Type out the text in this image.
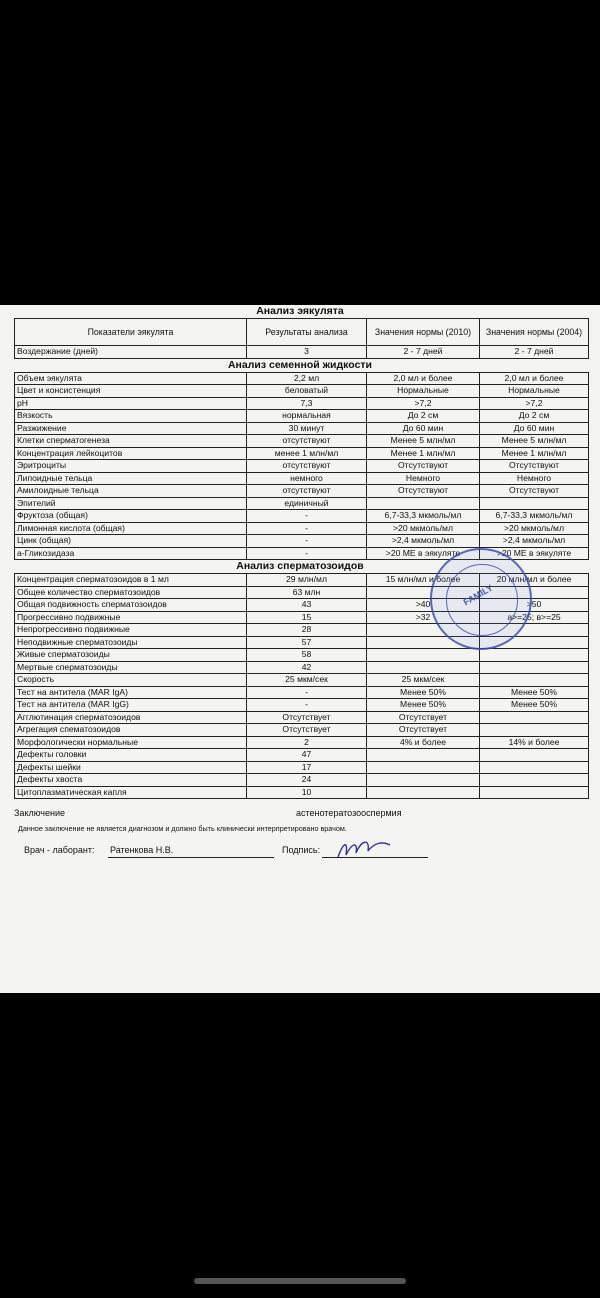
Анализ эякулята
Показатели эякулята	Результаты анализа	Значения нормы (2010)	Значения нормы (2004)
Воздержание (дней)	3	2 - 7 дней	2 - 7 дней
Анализ семенной жидкости
Объем эякулята	2,2 мл	2,0 мл и более	2,0 мл и более
Цвет и консистенция	беловатый	Нормальные	Нормальные
pH	7,3	>7,2	>7,2
Вязкость	нормальная	До 2 см	До 2 см
Разжижение	30 минут	До 60 мин	До 60 мин
Клетки сперматогенеза	отсутствуют	Менее 5 млн/мл	Менее 5 млн/мл
Концентрация лейкоцитов	менее 1 млн/мл	Менее 1 млн/мл	Менее 1 млн/мл
Эритроциты	отсутствуют	Отсутствуют	Отсутствуют
Липоидные тельца	немного	Немного	Немного
Амилоидные тельца	отсутствуют	Отсутствуют	Отсутствуют
Эпителий	единичный		
Фруктоза (общая)	-	6,7-33,3 мкмоль/мл	6,7-33,3 мкмоль/мл
Лимонная кислота (общая)	-	>20 мкмоль/мл	>20 мкмоль/мл
Цинк (общая)	-	>2,4 мкмоль/мл	>2,4 мкмоль/мл
а-Гликозидаза	-	>20 МЕ в эякуляте	>20 МЕ в эякуляте
Анализ сперматозоидов
Концентрация сперматозоидов в 1 мл	29 млн/мл	15 млн/мл и более	20 млн/мл и более
Общее количество сперматозоидов	63 млн		
Общая подвижность сперматозоидов	43	>40	>50
Прогрессивно подвижные	15	>32	a>=25; в>=25
Непрогрессивно подвижные	28		
Неподвижные сперматозоиды	57		
Живые сперматозоиды	58		
Мертвые сперматозоиды	42		
Скорость	25 мкм/сек	25 мкм/сек	
Тест на антитела (MAR IgA)	-	Менее 50%	Менее 50%
Тест на антитела (MAR IgG)	-	Менее 50%	Менее 50%
Агглютинация сперматозоидов	Отсутствует	Отсутствует	
Агрегация спематозоидов	Отсутствует	Отсутствует	
Морфологически нормальные	2	4% и более	14% и более
Дефекты головки	47		
Дефекты шейки	17		
Дефекты хвоста	24		
Цитоплазматическая капля	10		
Заключение	астенотератозооспермия
Данное заключение не является диагнозом и должно быть клинически интерпретировано врачом.
Врач - лаборант: Ратенкова Н.В.	Подпись:
FAMILY
